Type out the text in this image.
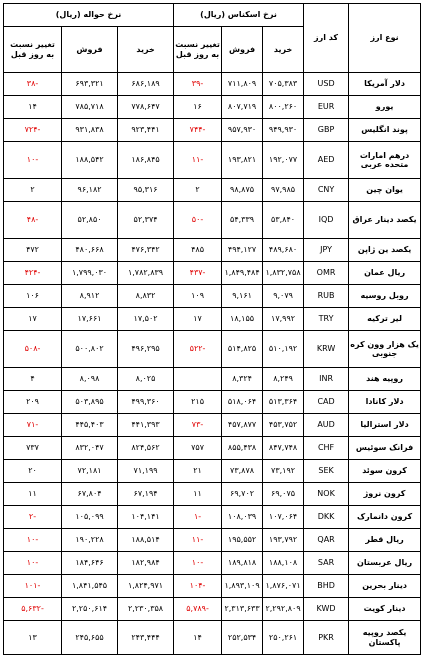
نوع ارز	کد ارز	نرخ اسکناس (ریال)			نرخ حواله (ریال)		
		خرید	فروش	تغییر نسبت به روز قبل	خرید	فروش	تغییر نسبت به روز قبل
دلار آمریکا	USD	۷۰۵,۳۸۳	۷۱۱,۸۰۹	-۳۹	۶۸۶,۱۸۹	۶۹۳,۳۲۱	-۳۸
یورو	EUR	۸۰۰,۲۶۰	۸۰۷,۷۱۹	۱۶	۷۷۸,۶۴۷	۷۸۵,۷۱۸	۱۴
پوند انگلیس	GBP	۹۴۹,۹۳۰	۹۵۷,۹۳۰	-۷۴۴	۹۲۳,۴۴۱	۹۳۱,۸۳۸	-۷۲۴
درهم امارات متحده عربی	AED	۱۹۲,۰۷۷	۱۹۳,۸۲۱	-۱۱	۱۸۶,۸۴۵	۱۸۸,۵۴۲	-۱۰
یوان چین	CNY	۹۷,۹۸۵	۹۸,۸۷۵	۲	۹۵,۳۱۶	۹۶,۱۸۲	۲
یکصد دینار عراق	IQD	۵۳,۸۴۰	۵۴,۳۳۹	-۵۰	۵۲,۳۷۴	۵۲,۸۵۰	-۴۸
یکصد ین ژاپن	JPY	۴۸۹,۶۸۰	۴۹۴,۱۲۷	۴۸۵	۴۷۶,۳۴۲	۴۸۰,۶۶۸	۴۷۲
ریال عمان	OMR	۱,۸۳۲,۷۵۸	۱,۸۴۹,۴۸۴	-۴۳۷	۱,۷۸۲,۸۳۹	۱,۷۹۹,۰۳۰	-۴۲۴
روبل روسیه	RUB	۹,۰۷۹	۹,۱۶۱	۱۰۹	۸,۸۳۲	۸,۹۱۲	۱۰۶
لیر ترکیه	TRY	۱۷,۹۹۲	۱۸,۱۵۵	۱۷	۱۷,۵۰۲	۱۷,۶۶۱	۱۷
یک هزار وون کره جنوبی	KRW	۵۱۰,۱۹۲	۵۱۴,۸۲۵	-۵۲۲	۴۹۶,۲۹۵	۵۰۰,۸۰۲	-۵۰۸
روپیه هند	INR	۸,۲۴۹	۸,۳۲۴		۸,۰۲۵	۸,۰۹۸	۴
دلار کانادا	CAD	۵۱۳,۳۶۴	۵۱۸,۰۶۴	۲۱۵	۴۹۹,۳۶۰	۵۰۳,۸۹۵	۲۰۹
دلار استرالیا	AUD	۴۵۳,۷۵۲	۴۵۷,۸۷۷	-۷۳	۴۴۱,۳۹۳	۴۴۵,۴۰۳	-۷۱
فرانک سوئیس	CHF	۸۴۷,۷۴۸	۸۵۵,۴۳۸	۷۵۷	۸۲۴,۵۶۲	۸۳۲,۰۴۷	۷۳۷
کرون سوئد	SEK	۷۳,۱۹۲	۷۳,۸۷۸	۲۱	۷۱,۱۹۹	۷۲,۱۸۱	۲۰
کرون نروژ	NOK	۶۹,۰۷۵	۶۹,۷۰۲	۱۱	۶۷,۱۹۴	۶۷,۸۰۴	۱۱
کرون دانمارک	DKK	۱۰۷,۰۶۴	۱۰۸,۰۳۹	-۱	۱۰۴,۱۴۱	۱۰۵,۰۹۹	-۲
ریال قطر	QAR	۱۹۳,۷۹۲	۱۹۵,۵۵۲	-۱۱	۱۸۸,۵۱۴	۱۹۰,۲۲۸	-۱۰
ریال عربستان	SAR	۱۸۸,۱۰۸	۱۸۹,۸۱۸	-۱۰	۱۸۲,۹۸۴	۱۸۴,۶۴۶	-۱۰
دینار بحرین	BHD	۱,۸۷۶,۰۷۱	۱,۸۹۳,۱۰۹	-۱۰۴	۱,۸۲۴,۹۷۱	۱,۸۴۱,۵۴۵	-۱۰۱
دینار کویت	KWD	۲,۲۹۲,۸۰۹	۲,۳۱۳,۶۳۳	-۵,۷۸۹	۲,۲۳۰,۳۵۸	۲,۲۵۰,۶۱۴	-۵,۶۳۲
یکصد روپیه پاکستان	PKR	۲۵۰,۲۶۱	۲۵۲,۵۳۴	۱۴	۲۴۳,۴۴۴	۲۴۵,۶۵۵	۱۳
